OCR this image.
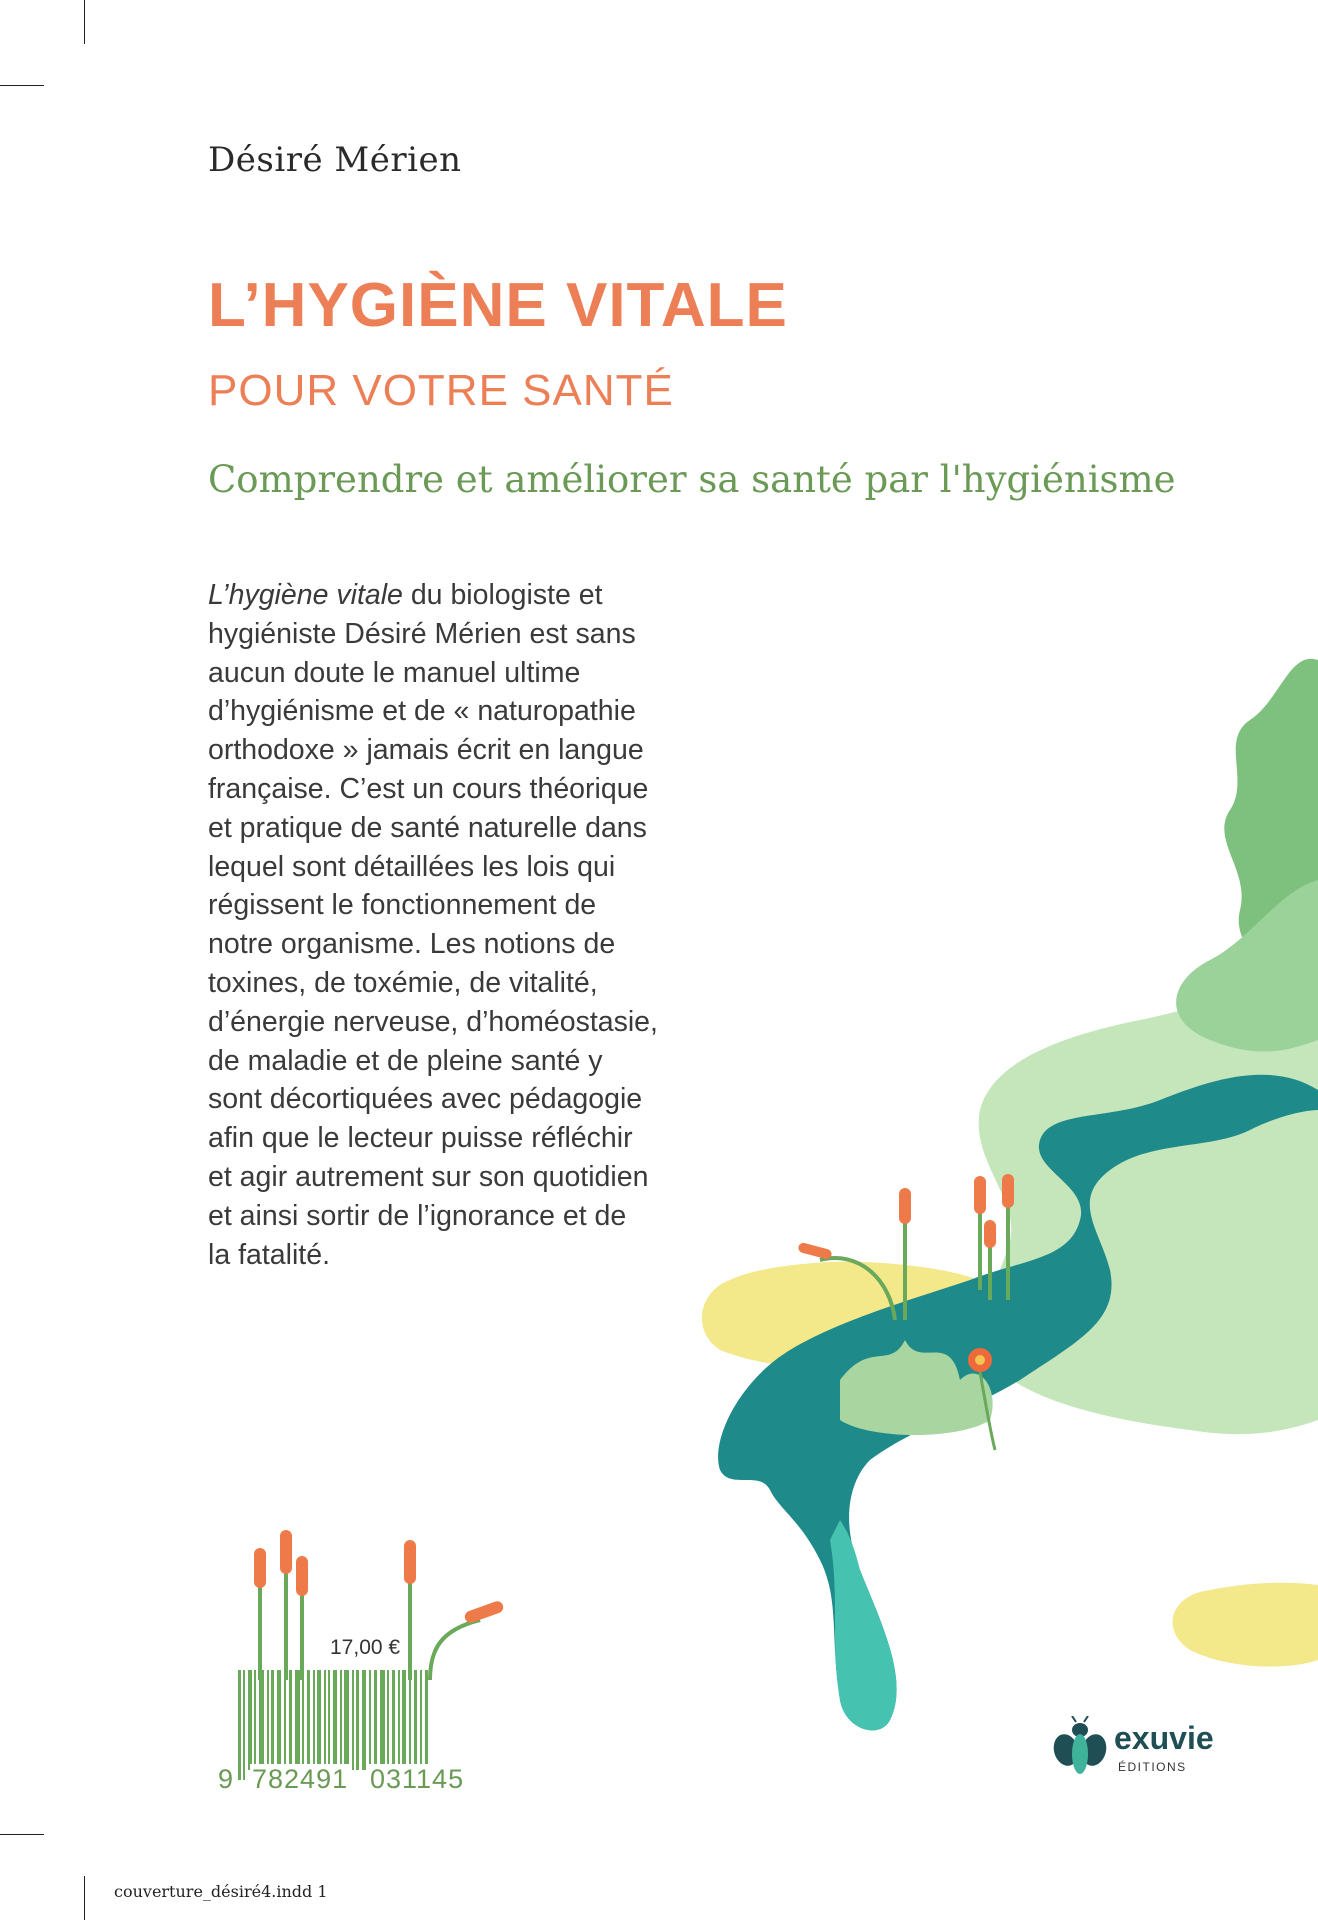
Désiré Mérien
L’HYGIÈNE VITALE
POUR VOTRE SANTÉ
Comprendre et améliorer sa santé par l'hygiénisme
L’hygiène vitale du biologiste et
hygiéniste Désiré Mérien est sans
aucun doute le manuel ultime
d’hygiénisme et de « naturopathie
orthodoxe » jamais écrit en langue
française. C’est un cours théorique
et pratique de santé naturelle dans
lequel sont détaillées les lois qui
régissent le fonctionnement de
notre organisme. Les notions de
toxines, de toxémie, de vitalité,
d’énergie nerveuse, d’homéostasie,
de maladie et de pleine santé y
sont décortiquées avec pédagogie
afin que le lecteur puisse réfléchir
et agir autrement sur son quotidien
et ainsi sortir de l’ignorance et de
la fatalité.
17,00 €
9 782491 031145
exuvie
ÉDITIONS
couverture_désiré4.indd 1
